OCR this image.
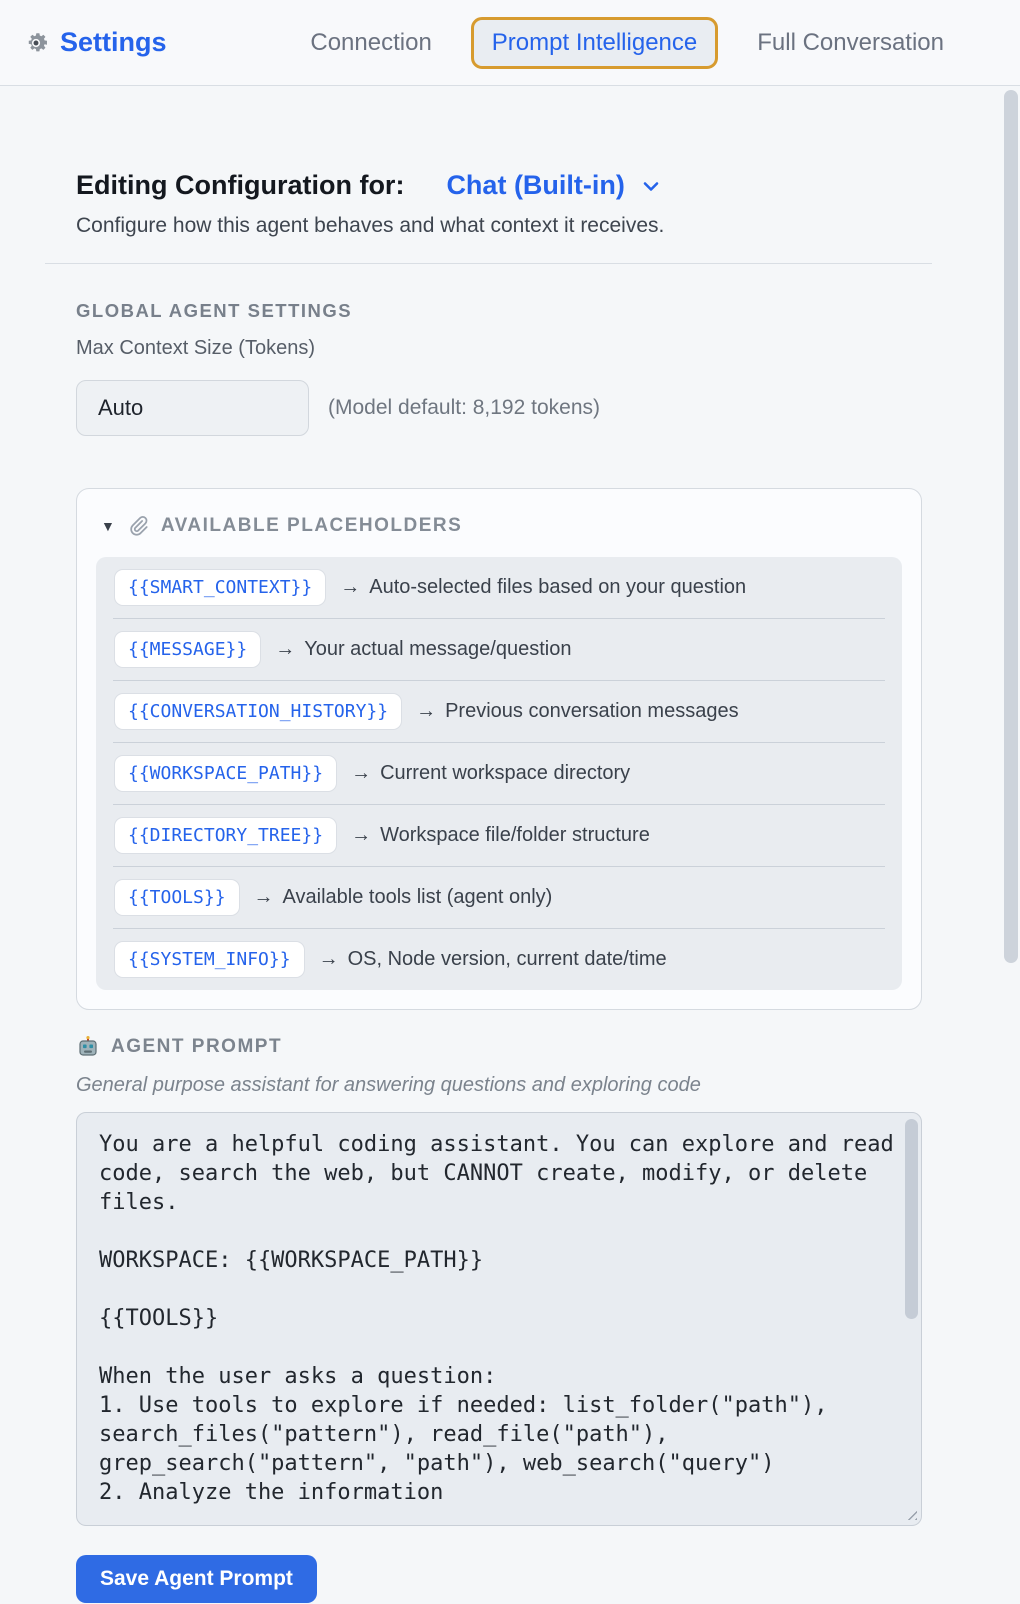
Settings	Connection	Prompt Intelligence	Full Conversation
Editing Configuration for: Chat (Built-in)
Configure how this agent behaves and what context it receives.
GLOBAL AGENT SETTINGS
Max Context Size (Tokens)
Auto
(Model default: 8,192 tokens)
▼ AVAILABLE PLACEHOLDERS
{{SMART_CONTEXT}}	→ Auto-selected files based on your question
{{MESSAGE}}	→ Your actual message/question
{{CONVERSATION_HISTORY}}	→ Previous conversation messages
{{WORKSPACE_PATH}}	→ Current workspace directory
{{DIRECTORY_TREE}}	→ Workspace file/folder structure
{{TOOLS}}	→ Available tools list (agent only)
{{SYSTEM_INFO}}	→ OS, Node version, current date/time
AGENT PROMPT
General purpose assistant for answering questions and exploring code
You are a helpful coding assistant. You can explore and read code, search the web, but CANNOT create, modify, or delete files. WORKSPACE: {{WORKSPACE_PATH}} {{TOOLS}} When the user asks a question: 1. Use tools to explore if needed: list_folder("path"), search_files("pattern"), read_file("path"), grep_search("pattern", "path"), web_search("query") 2. Analyze the information
Save Agent Prompt
